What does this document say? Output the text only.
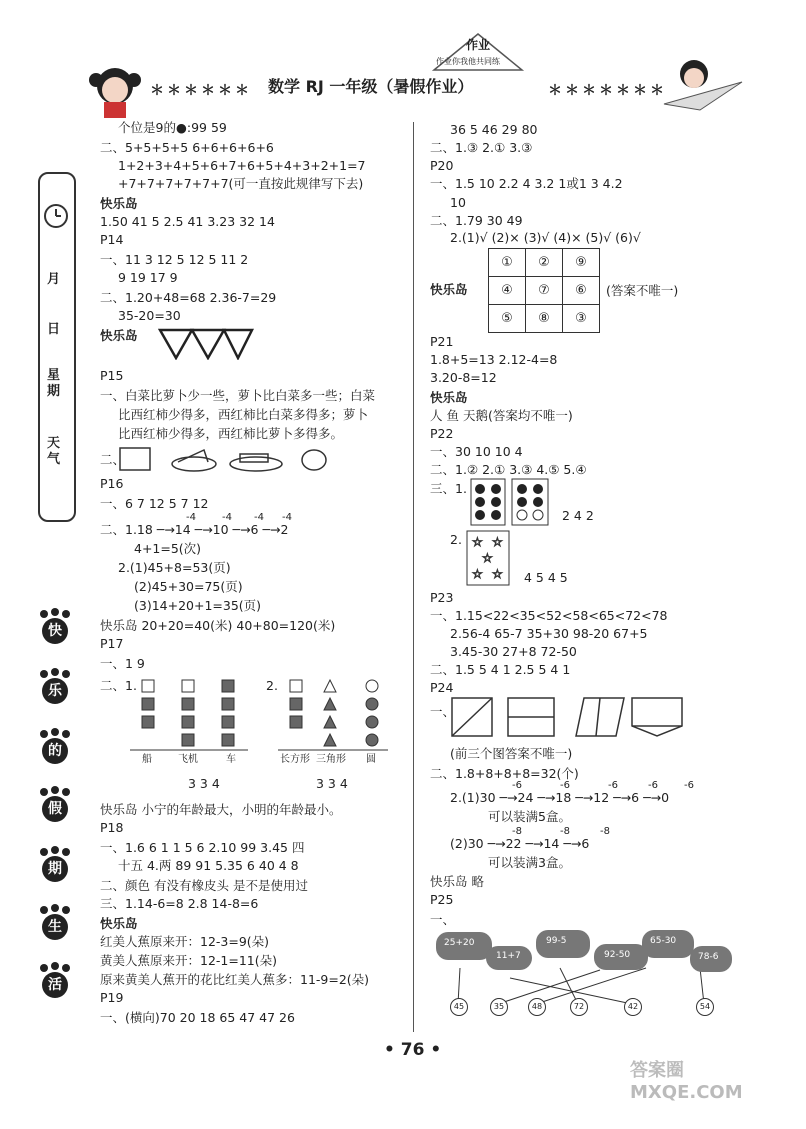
＊＊＊＊＊＊ 数学 RJ 一年级（暑假作业）
作业
作业你我他共同练
＊＊＊＊＊＊＊
月
日
星期
天气
快
乐
的
假
期
生
活
个位是9的●:99 59
二、5+5+5+5 6+6+6+6+6
1+2+3+4+5+6+7+6+5+4+3+2+1=7
+7+7+7+7+7+7(可一直按此规律写下去)
快乐岛
1.50 41 5 2.5 41 3.23 32 14
P14
一、11 3 12 5 12 5 11 2
9 19 17 9
二、1.20+48=68 2.36-7=29
35-20=30
快乐岛
P15
一、白菜比萝卜少一些，萝卜比白菜多一些；白菜
比西红柿少得多，西红柿比白菜多得多；萝卜
比西红柿少得多，西红柿比萝卜多得多。
二、
P16
一、6 7 12 5 7 12
-4	-4 -4 -4
二、1.18 ─→14 ─→10 ─→6 ─→2
4+1=5(次)
2.(1)45+8=53(页)
(2)45+30=75(页)
(3)14+20+1=35(页)
快乐岛 20+20=40(米) 40+80=120(米)
P17
一、1 9
二、1.	2.
船	飞机	车	长方形 三角形 圆
3 3 4	3 3 4
快乐岛 小宁的年龄最大，小明的年龄最小。
P18
一、1.6 6 1 1 5 6 2.10 99 3.45 四
十五 4.两 89 91 5.35 6 40 4 8
二、颜色 有没有橡皮头 是不是使用过
三、1.14-6=8 2.8 14-8=6
快乐岛
红美人蕉原来开：12-3=9(朵)
黄美人蕉原来开：12-1=11(朵)
原来黄美人蕉开的花比红美人蕉多：11-9=2(朵)
P19
一、(横向)70 20 18 65 47 47 26
36 5 46 29 80
二、1.③ 2.① 3.③
P20
一、1.5 10 2.2 4 3.2 1或1 3 4.2
10
二、1.79 30 49
2.(1)√ (2)× (3)√ (4)× (5)√ (6)√
快乐岛
①	②	⑨
④	⑦	⑥
⑤	⑧	③
(答案不唯一)
P21
1.8+5=13 2.12-4=8
3.20-8=12
快乐岛
人 鱼 天鹅(答案均不唯一)
P22
一、30 10 10 4
二、1.② 2.① 3.③ 4.⑤ 5.④
三、1.
2 4 2
2. ☆ ☆
☆
☆ ☆ 4 5 4 5
P23
一、1.15<22<35<52<58<65<72<78
2.56-4 65-7 35+30 98-20 67+5
3.45-30 27+8 72-50
二、1.5 5 4 1 2.5 5 4 1
P24
一、
(前三个图答案不唯一)
二、1.8+8+8+8=32(个)
-6	-6	-6	-6	-6
2.(1)30 ─→24 ─→18 ─→12 ─→6 ─→0
可以装满5盒。
-8	-8	-8
(2)30 ─→22 ─→14 ─→6
可以装满3盒。
快乐岛 略
P25
一、
25+20
11+7
99-5
92-50
65-30
78-6
45	35	48	72	42	54
• 76 •
答案圈 MXQE.COM
